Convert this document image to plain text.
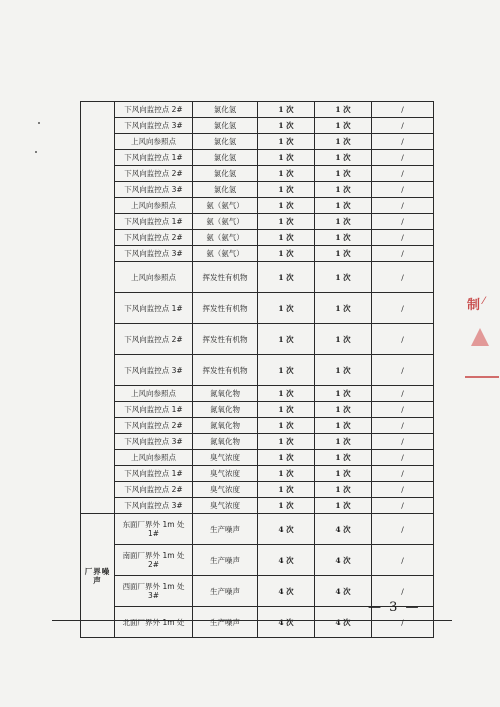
	下风向监控点 2#	氯化氢	1 次	1 次	/
	下风向监控点 3#	氯化氢	1 次	1 次	/
	上风向参照点	氯化氢	1 次	1 次	/
	下风向监控点 1#	氯化氢	1 次	1 次	/
	下风向监控点 2#	氯化氢	1 次	1 次	/
	下风向监控点 3#	氯化氢	1 次	1 次	/
	上风向参照点	氨（氨气）	1 次	1 次	/
	下风向监控点 1#	氨（氨气）	1 次	1 次	/
	下风向监控点 2#	氨（氨气）	1 次	1 次	/
	下风向监控点 3#	氨（氨气）	1 次	1 次	/
	上风向参照点	挥发性有机物	1 次	1 次	/
	下风向监控点 1#	挥发性有机物	1 次	1 次	/
	下风向监控点 2#	挥发性有机物	1 次	1 次	/
	下风向监控点 3#	挥发性有机物	1 次	1 次	/
	上风向参照点	氮氧化物	1 次	1 次	/
	下风向监控点 1#	氮氧化物	1 次	1 次	/
	下风向监控点 2#	氮氧化物	1 次	1 次	/
	下风向监控点 3#	氮氧化物	1 次	1 次	/
	上风向参照点	臭气浓度	1 次	1 次	/
	下风向监控点 1#	臭气浓度	1 次	1 次	/
	下风向监控点 2#	臭气浓度	1 次	1 次	/
	下风向监控点 3#	臭气浓度	1 次	1 次	/
厂界噪声	东面厂界外 1m 处 1#	生产噪声	4 次	4 次	/
	南面厂界外 1m 处 2#	生产噪声	4 次	4 次	/
	西面厂界外 1m 处 3#	生产噪声	4 次	4 次	/
	北面厂界外 1m 处	生产噪声	4 次	4 次	/
— 3 —
制 ⁄
